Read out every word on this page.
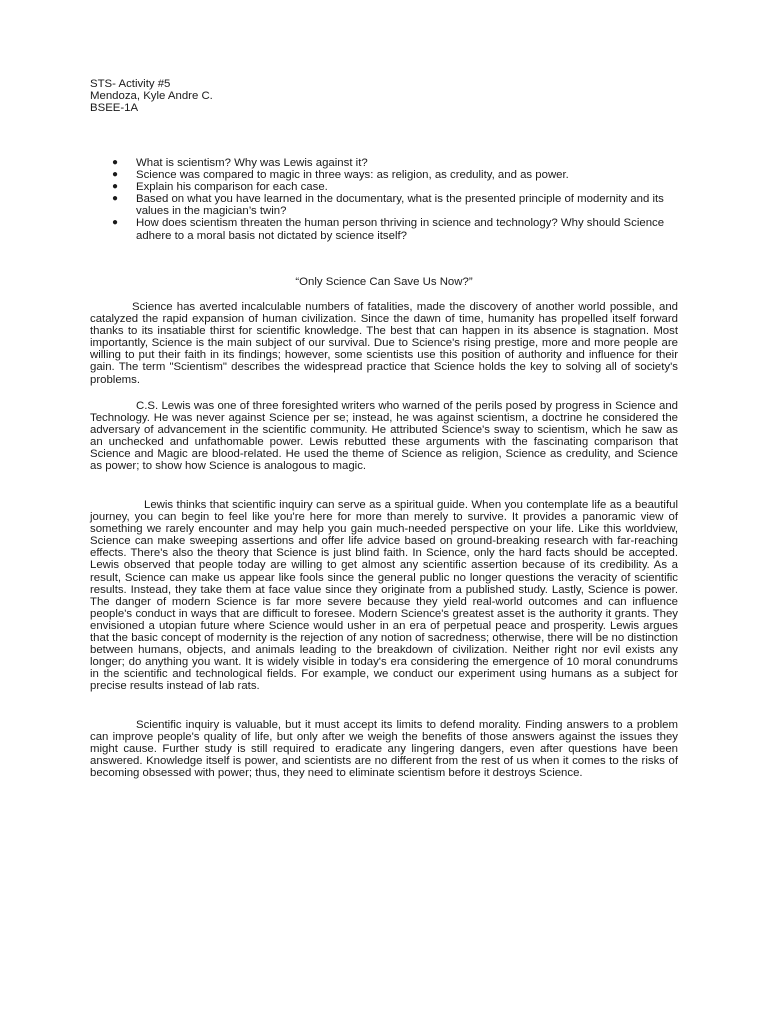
STS- Activity #5

Mendoza, Kyle Andre C.

BSEE-1A

● What is scientism? Why was Lewis against it?
● Science was compared to magic in three ways: as religion, as credulity, and as power.
● Explain his comparison for each case.
● Based on what you have learned in the documentary, what is the presented principle of modernity and its values in the magician’s twin?
● How does scientism threaten the human person thriving in science and technology? Why should Science adhere to a moral basis not dictated by science itself?

“Only Science Can Save Us Now?”

Science has averted incalculable numbers of fatalities, made the discovery of another world possible, and catalyzed the rapid expansion of human civilization. Since the dawn of time, humanity has propelled itself forward thanks to its insatiable thirst for scientific knowledge. The best that can happen in its absence is stagnation. Most importantly, Science is the main subject of our survival. Due to Science's rising prestige, more and more people are willing to put their faith in its findings; however, some scientists use this position of authority and influence for their gain. The term "Scientism" describes the widespread practice that Science holds the key to solving all of society's problems.

C.S. Lewis was one of three foresighted writers who warned of the perils posed by progress in Science and Technology. He was never against Science per se; instead, he was against scientism, a doctrine he considered the adversary of advancement in the scientific community. He attributed Science's sway to scientism, which he saw as an unchecked and unfathomable power. Lewis rebutted these arguments with the fascinating comparison that Science and Magic are blood-related. He used the theme of Science as religion, Science as credulity, and Science as power; to show how Science is analogous to magic.

Lewis thinks that scientific inquiry can serve as a spiritual guide. When you contemplate life as a beautiful journey, you can begin to feel like you're here for more than merely to survive. It provides a panoramic view of something we rarely encounter and may help you gain much-needed perspective on your life. Like this worldview, Science can make sweeping assertions and offer life advice based on ground-breaking research with far-reaching effects. There's also the theory that Science is just blind faith. In Science, only the hard facts should be accepted. Lewis observed that people today are willing to get almost any scientific assertion because of its credibility. As a result, Science can make us appear like fools since the general public no longer questions the veracity of scientific results. Instead, they take them at face value since they originate from a published study. Lastly, Science is power. The danger of modern Science is far more severe because they yield real-world outcomes and can influence people's conduct in ways that are difficult to foresee. Modern Science's greatest asset is the authority it grants. They envisioned a utopian future where Science would usher in an era of perpetual peace and prosperity. Lewis argues that the basic concept of modernity is the rejection of any notion of sacredness; otherwise, there will be no distinction between humans, objects, and animals leading to the breakdown of civilization. Neither right nor evil exists any longer; do anything you want. It is widely visible in today's era considering the emergence of 10 moral conundrums in the scientific and technological fields. For example, we conduct our experiment using humans as a subject for precise results instead of lab rats.

Scientific inquiry is valuable, but it must accept its limits to defend morality. Finding answers to a problem can improve people's quality of life, but only after we weigh the benefits of those answers against the issues they might cause. Further study is still required to eradicate any lingering dangers, even after questions have been answered. Knowledge itself is power, and scientists are no different from the rest of us when it comes to the risks of becoming obsessed with power; thus, they need to eliminate scientism before it destroys Science.
